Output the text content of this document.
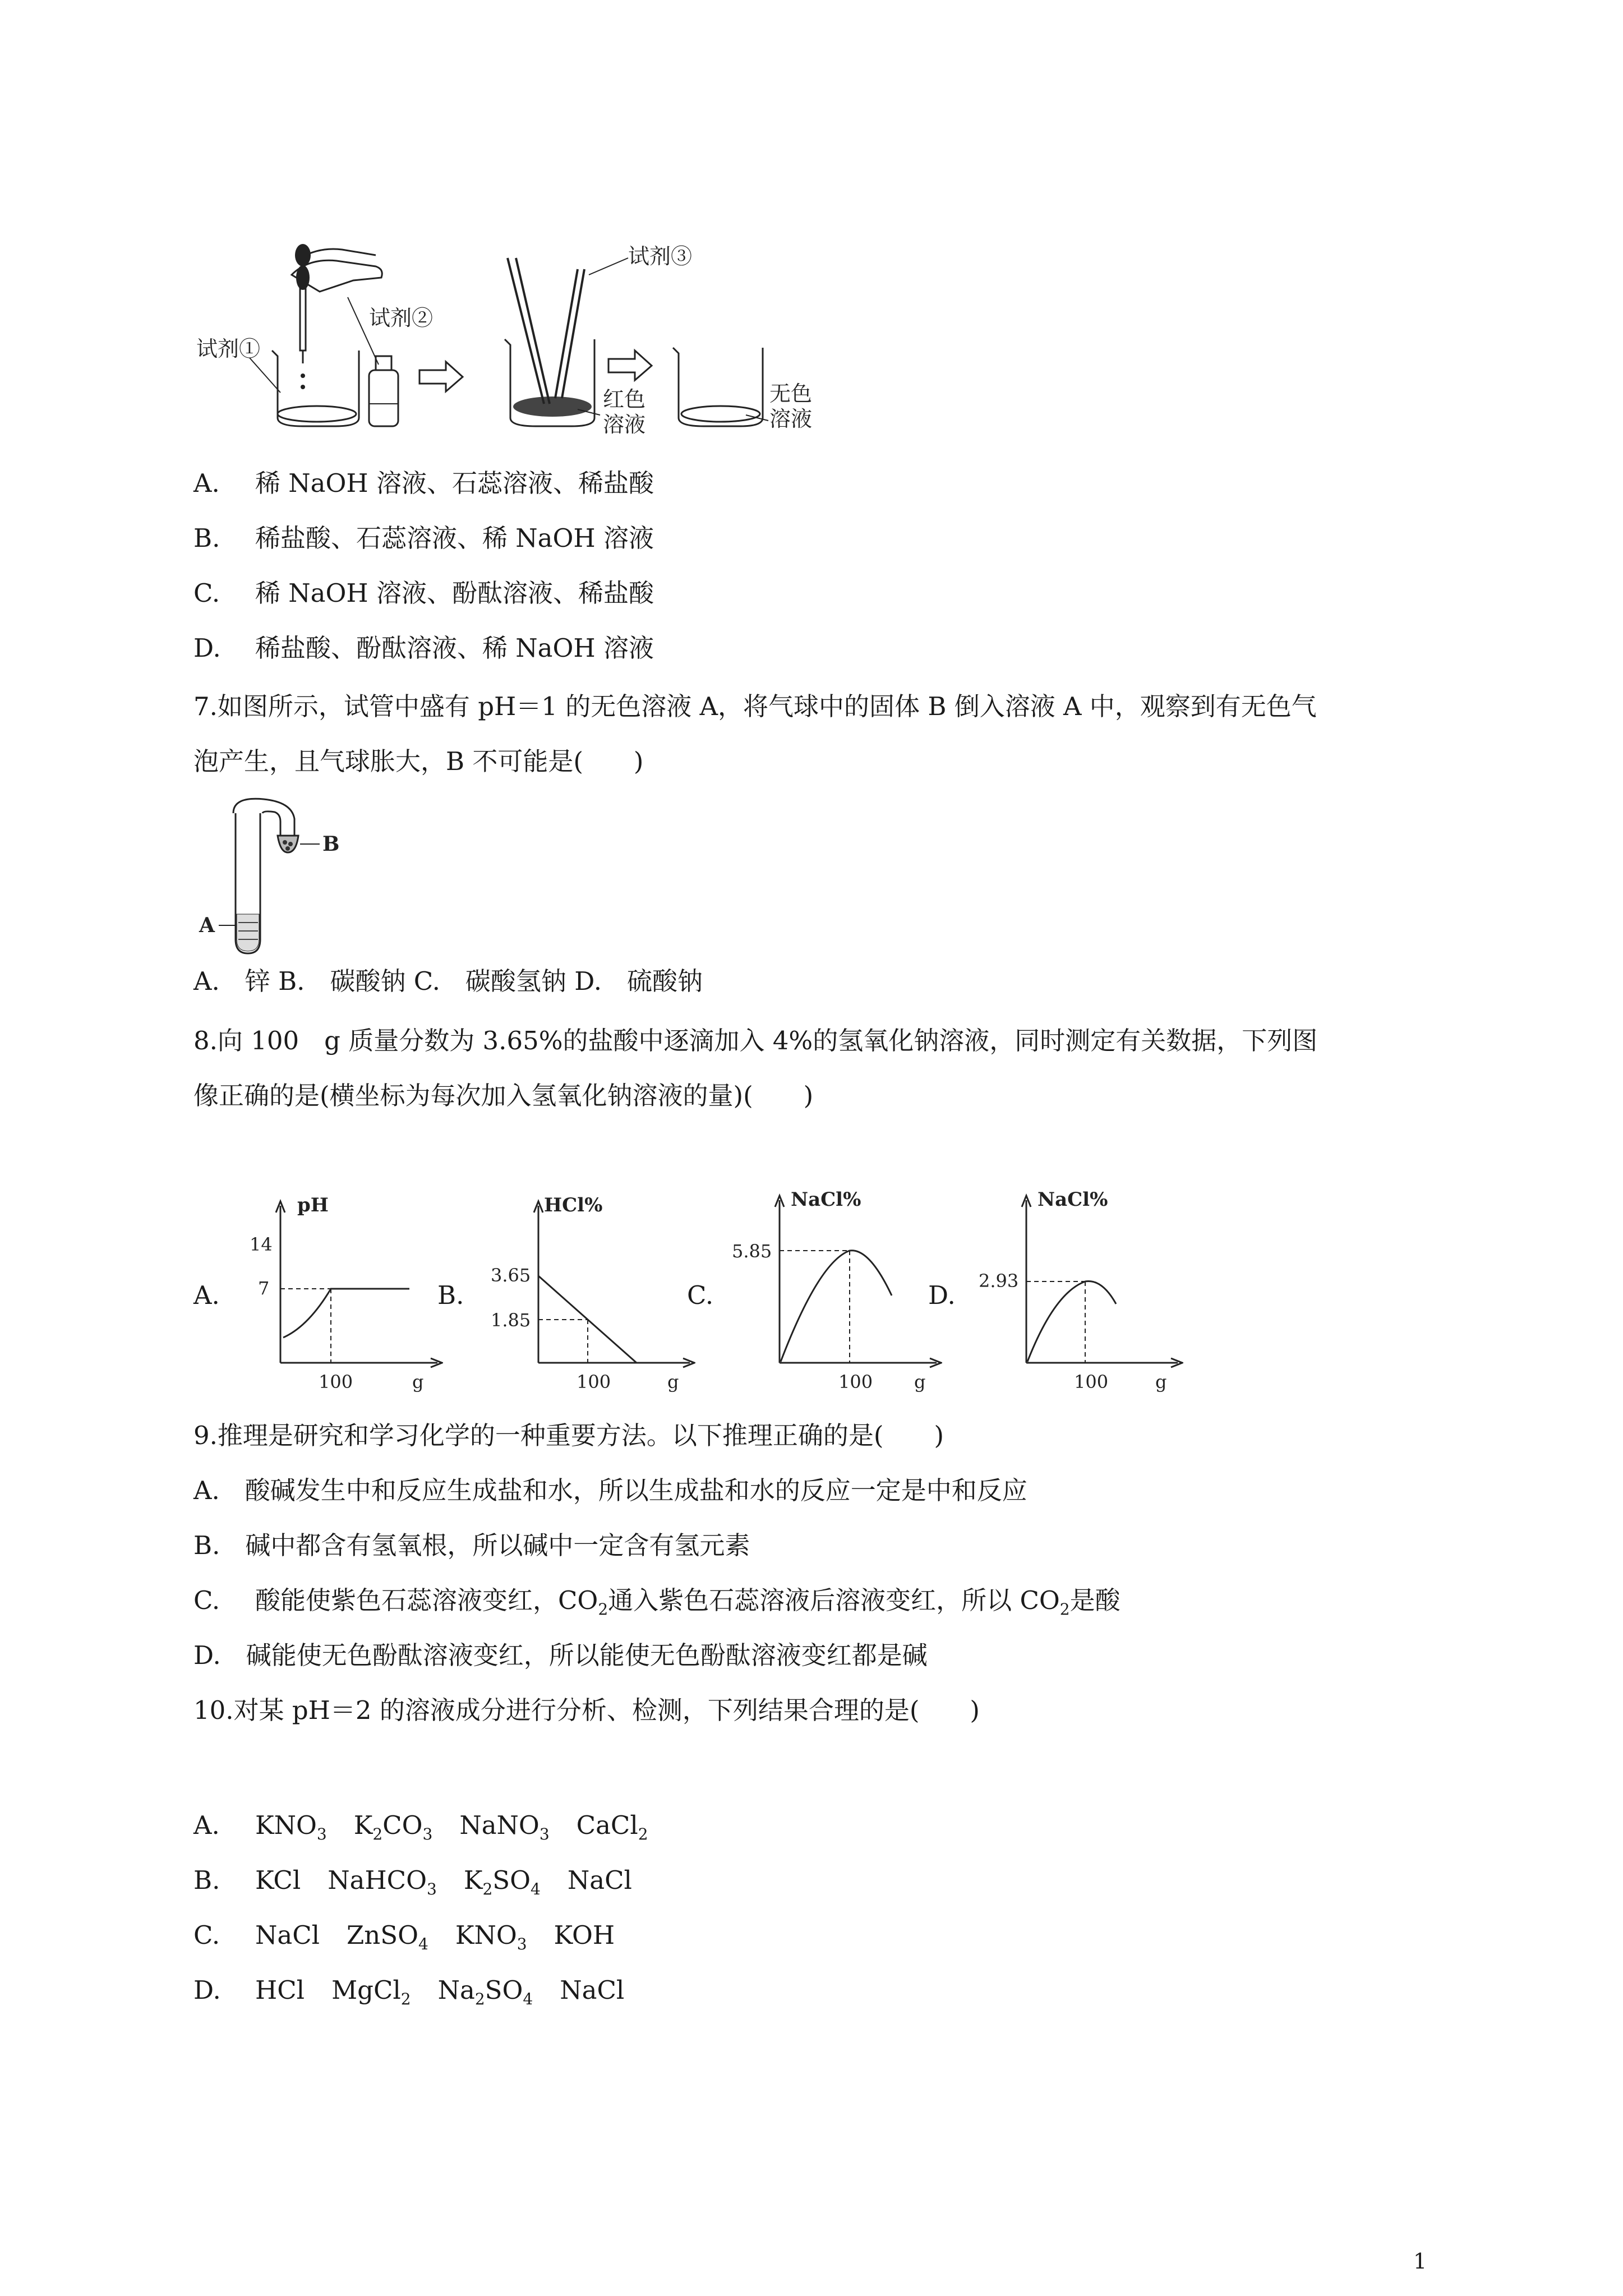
试剂①
试剂②
试剂③
红色
溶液
无色
溶液
A. 稀 NaOH 溶液、石蕊溶液、稀盐酸
B. 稀盐酸、石蕊溶液、稀 NaOH 溶液
C. 稀 NaOH 溶液、酚酞溶液、稀盐酸
D. 稀盐酸、酚酞溶液、稀 NaOH 溶液
7.如图所示，试管中盛有 pH＝1 的无色溶液 A，将气球中的固体 B 倒入溶液 A 中，观察到有无色气
泡产生，且气球胀大，B 不可能是(　　)
B
A
A.　锌 B.　碳酸钠 C.　碳酸氢钠 D.　硫酸钠
8.向 100　g 质量分数为 3.65%的盐酸中逐滴加入 4%的氢氧化钠溶液，同时测定有关数据，下列图
像正确的是(横坐标为每次加入氢氧化钠溶液的量)(　　)
A.
pH
14
7
100	g
B.
HCl%
3.65
1.85
100	g
C.
NaCl%
5.85
100 g
D.
NaCl%
2.93
100	g
9.推理是研究和学习化学的一种重要方法。以下推理正确的是(　　)
A.　酸碱发生中和反应生成盐和水，所以生成盐和水的反应一定是中和反应
B.　碱中都含有氢氧根，所以碱中一定含有氢元素
C. 酸能使紫色石蕊溶液变红，$CO_2$通入紫色石蕊溶液后溶液变红，所以 $CO_2$是酸
D.　碱能使无色酚酞溶液变红，所以能使无色酚酞溶液变红都是碱
10.对某 pH＝2 的溶液成分进行分析、检测，下列结果合理的是(　　)
A. $KNO_3$ $K_2CO_3$ NaNO$_3$ CaCl$_2$
B. KCl NaHCO$_3$ $K_2SO_4$ NaCl
C. NaCl ZnSO$_4$ $KNO_3$ KOH
D. HCl MgCl$_2$ $Na_2SO_4$ NaCl
1
